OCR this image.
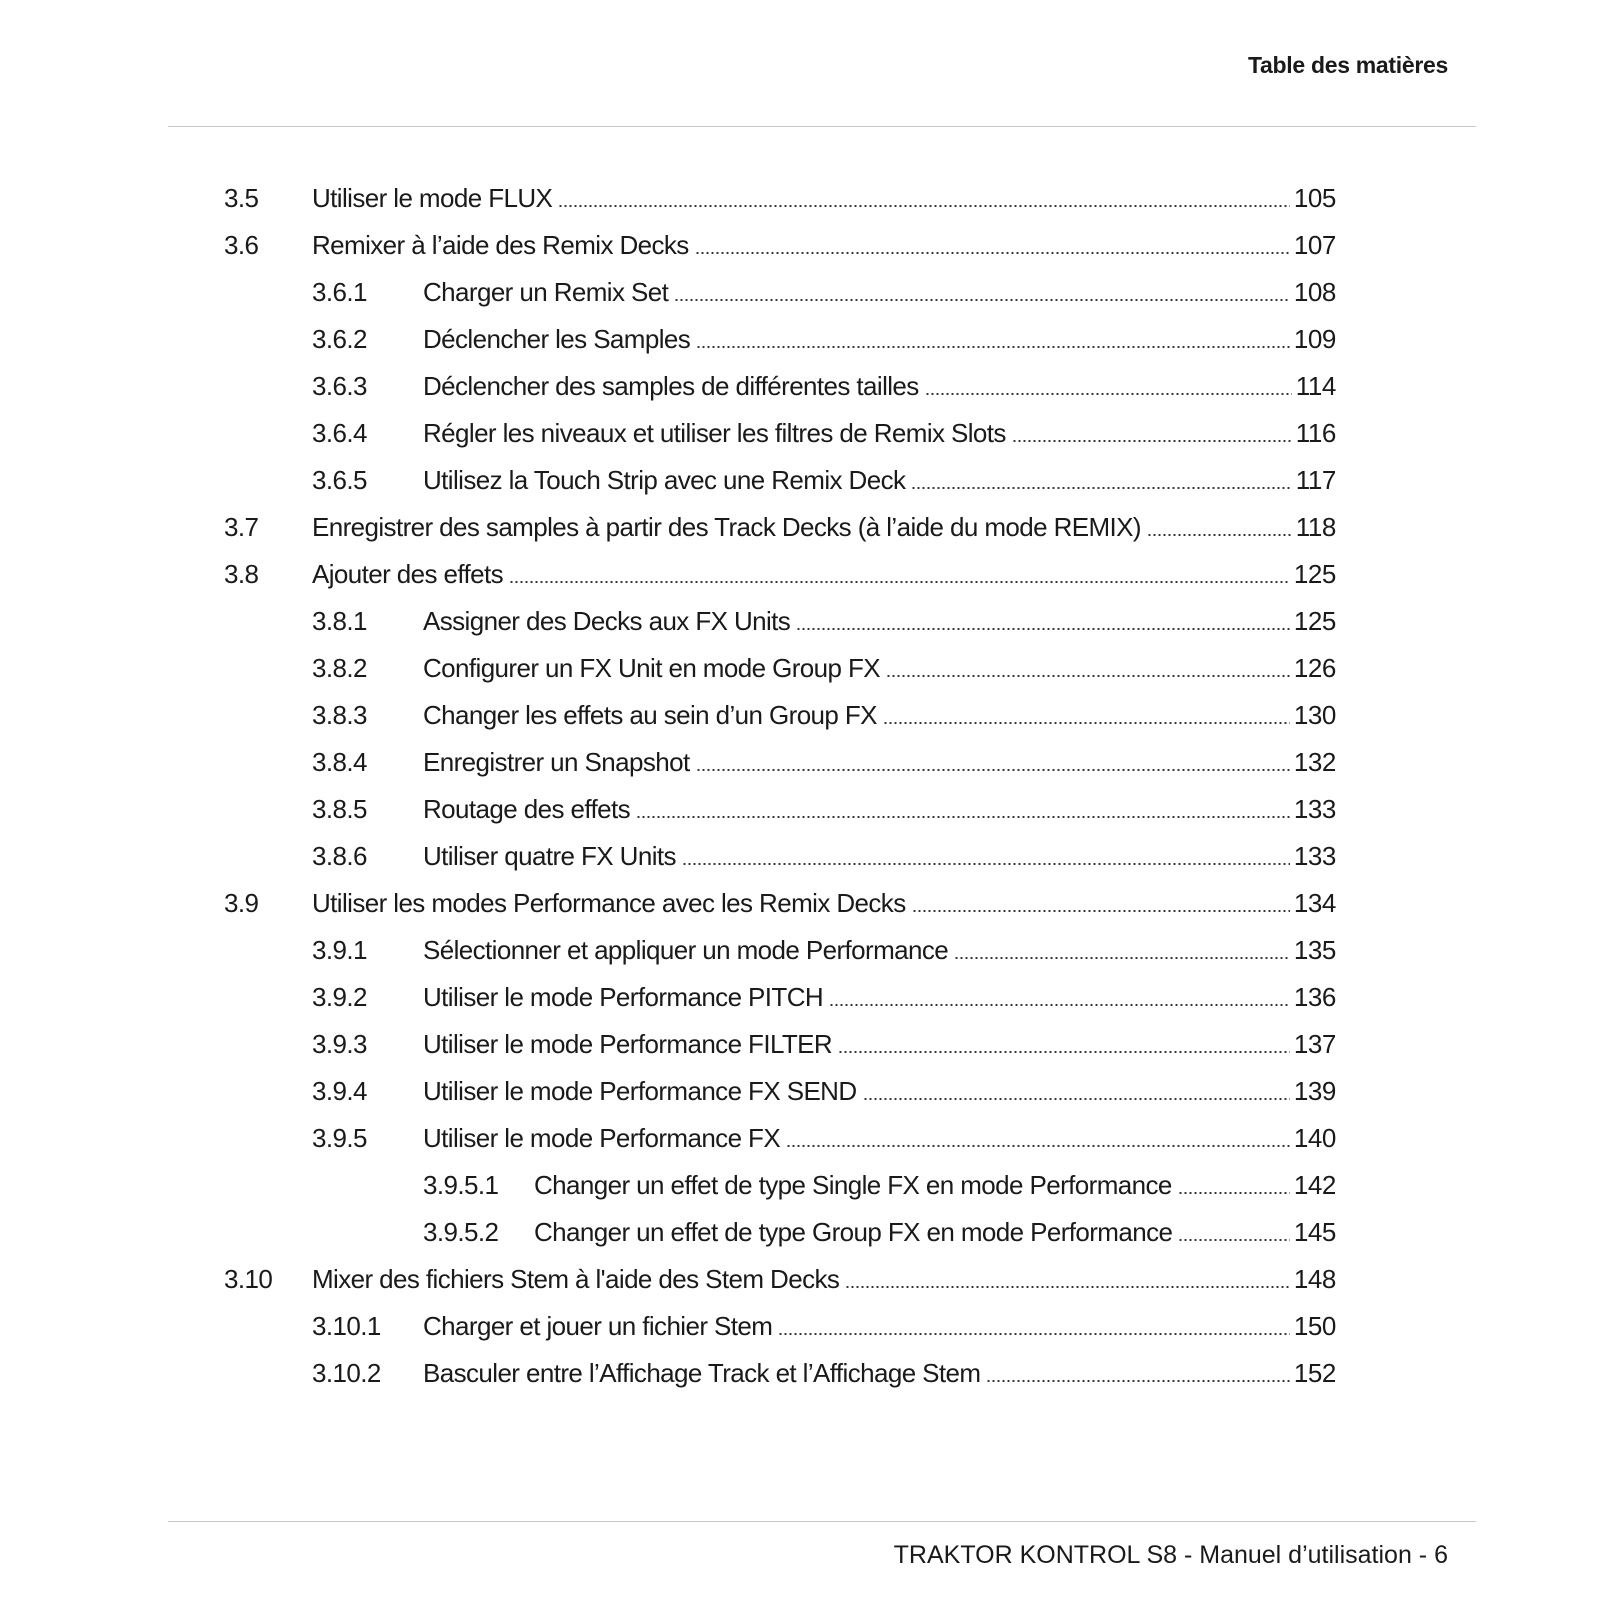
Table des matières
3.5 Utiliser le mode FLUX	105
3.6 Remixer à l’aide des Remix Decks	107
3.6.1 Charger un Remix Set	108
3.6.2 Déclencher les Samples	109
3.6.3 Déclencher des samples de différentes tailles	114
3.6.4 Régler les niveaux et utiliser les filtres de Remix Slots	116
3.6.5 Utilisez la Touch Strip avec une Remix Deck	117
3.7 Enregistrer des samples à partir des Track Decks (à l’aide du mode REMIX)	118
3.8 Ajouter des effets	125
3.8.1 Assigner des Decks aux FX Units	125
3.8.2 Configurer un FX Unit en mode Group FX	126
3.8.3 Changer les effets au sein d’un Group FX	130
3.8.4 Enregistrer un Snapshot	132
3.8.5 Routage des effets	133
3.8.6 Utiliser quatre FX Units	133
3.9 Utiliser les modes Performance avec les Remix Decks	134
3.9.1 Sélectionner et appliquer un mode Performance	135
3.9.2 Utiliser le mode Performance PITCH	136
3.9.3 Utiliser le mode Performance FILTER	137
3.9.4 Utiliser le mode Performance FX SEND	139
3.9.5 Utiliser le mode Performance FX	140
3.9.5.1 Changer un effet de type Single FX en mode Performance	142
3.9.5.2 Changer un effet de type Group FX en mode Performance	145
3.10 Mixer des fichiers Stem à l'aide des Stem Decks	148
3.10.1 Charger et jouer un fichier Stem	150
3.10.2 Basculer entre l’Affichage Track et l’Affichage Stem	152
TRAKTOR KONTROL S8 - Manuel d’utilisation - 6
